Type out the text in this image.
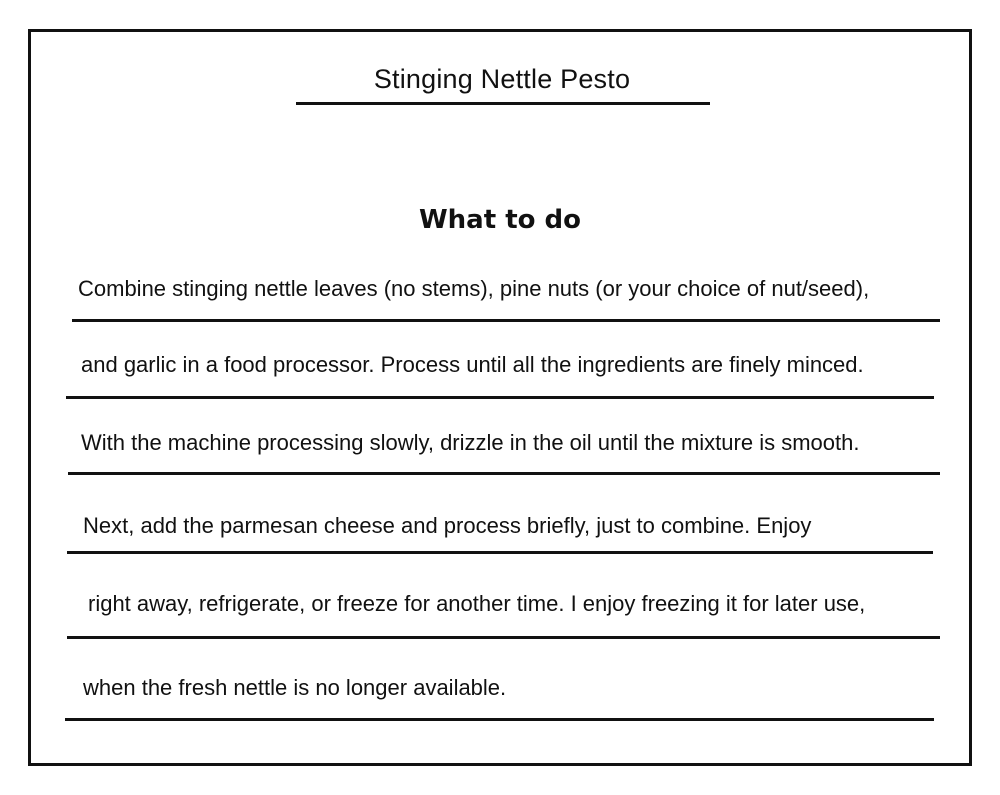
Stinging Nettle Pesto
What to do
Combine stinging nettle leaves (no stems), pine nuts (or your choice of nut/seed),
and garlic in a food processor. Process until all the ingredients are finely minced.
With the machine processing slowly, drizzle in the oil until the mixture is smooth.
Next, add the parmesan cheese and process briefly, just to combine. Enjoy
right away, refrigerate, or freeze for another time. I enjoy freezing it for later use,
when the fresh nettle is no longer available.
